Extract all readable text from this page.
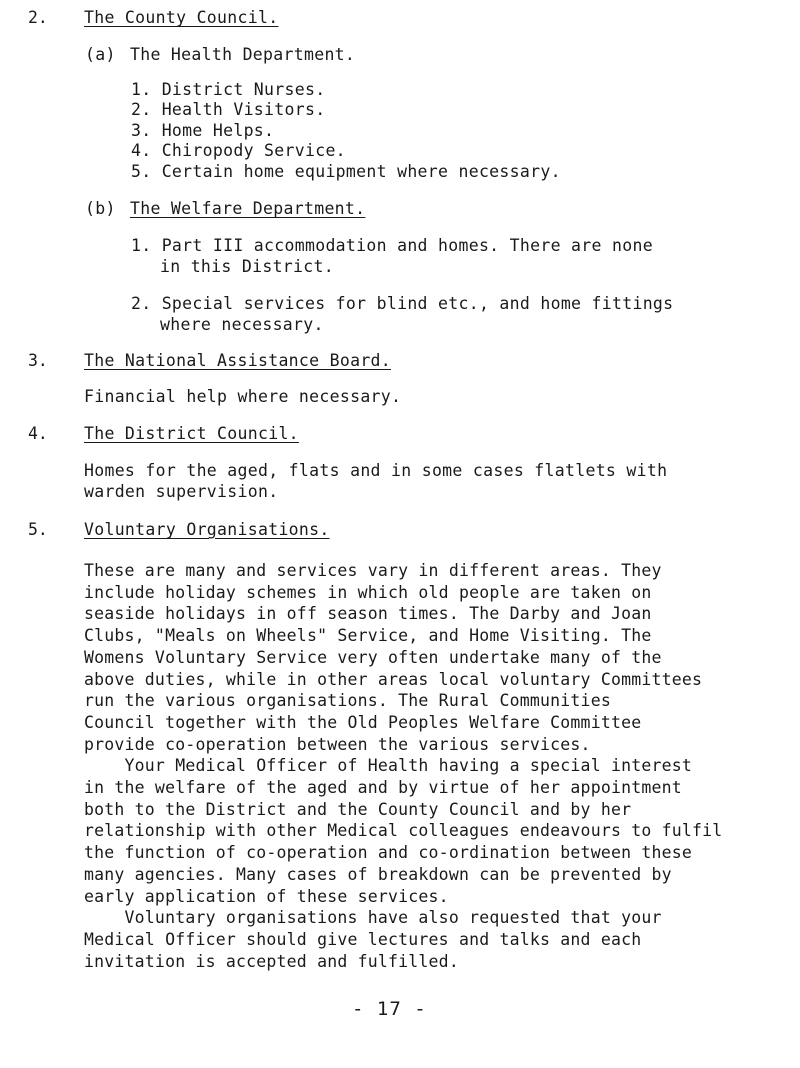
2. The County Council.
(a) The Health Department.
1. District Nurses.
2. Health Visitors.
3. Home Helps.
4. Chiropody Service.
5. Certain home equipment where necessary.
(b) The Welfare Department.
1. Part III accommodation and homes. There are none
in this District.
2. Special services for blind etc., and home fittings
where necessary.
3. The National Assistance Board.
Financial help where necessary.
4. The District Council.
Homes for the aged, flats and in some cases flatlets with
warden supervision.
5. Voluntary Organisations.
These are many and services vary in different areas. They
include holiday schemes in which old people are taken on
seaside holidays in off season times. The Darby and Joan
Clubs, "Meals on Wheels" Service, and Home Visiting. The
Womens Voluntary Service very often undertake many of the
above duties, while in other areas local voluntary Committees
run the various organisations. The Rural Communities
Council together with the Old Peoples Welfare Committee
provide co-operation between the various services.
Your Medical Officer of Health having a special interest
in the welfare of the aged and by virtue of her appointment
both to the District and the County Council and by her
relationship with other Medical colleagues endeavours to fulfil
the function of co-operation and co-ordination between these
many agencies. Many cases of breakdown can be prevented by
early application of these services.
Voluntary organisations have also requested that your
Medical Officer should give lectures and talks and each
invitation is accepted and fulfilled.
- 17 -
